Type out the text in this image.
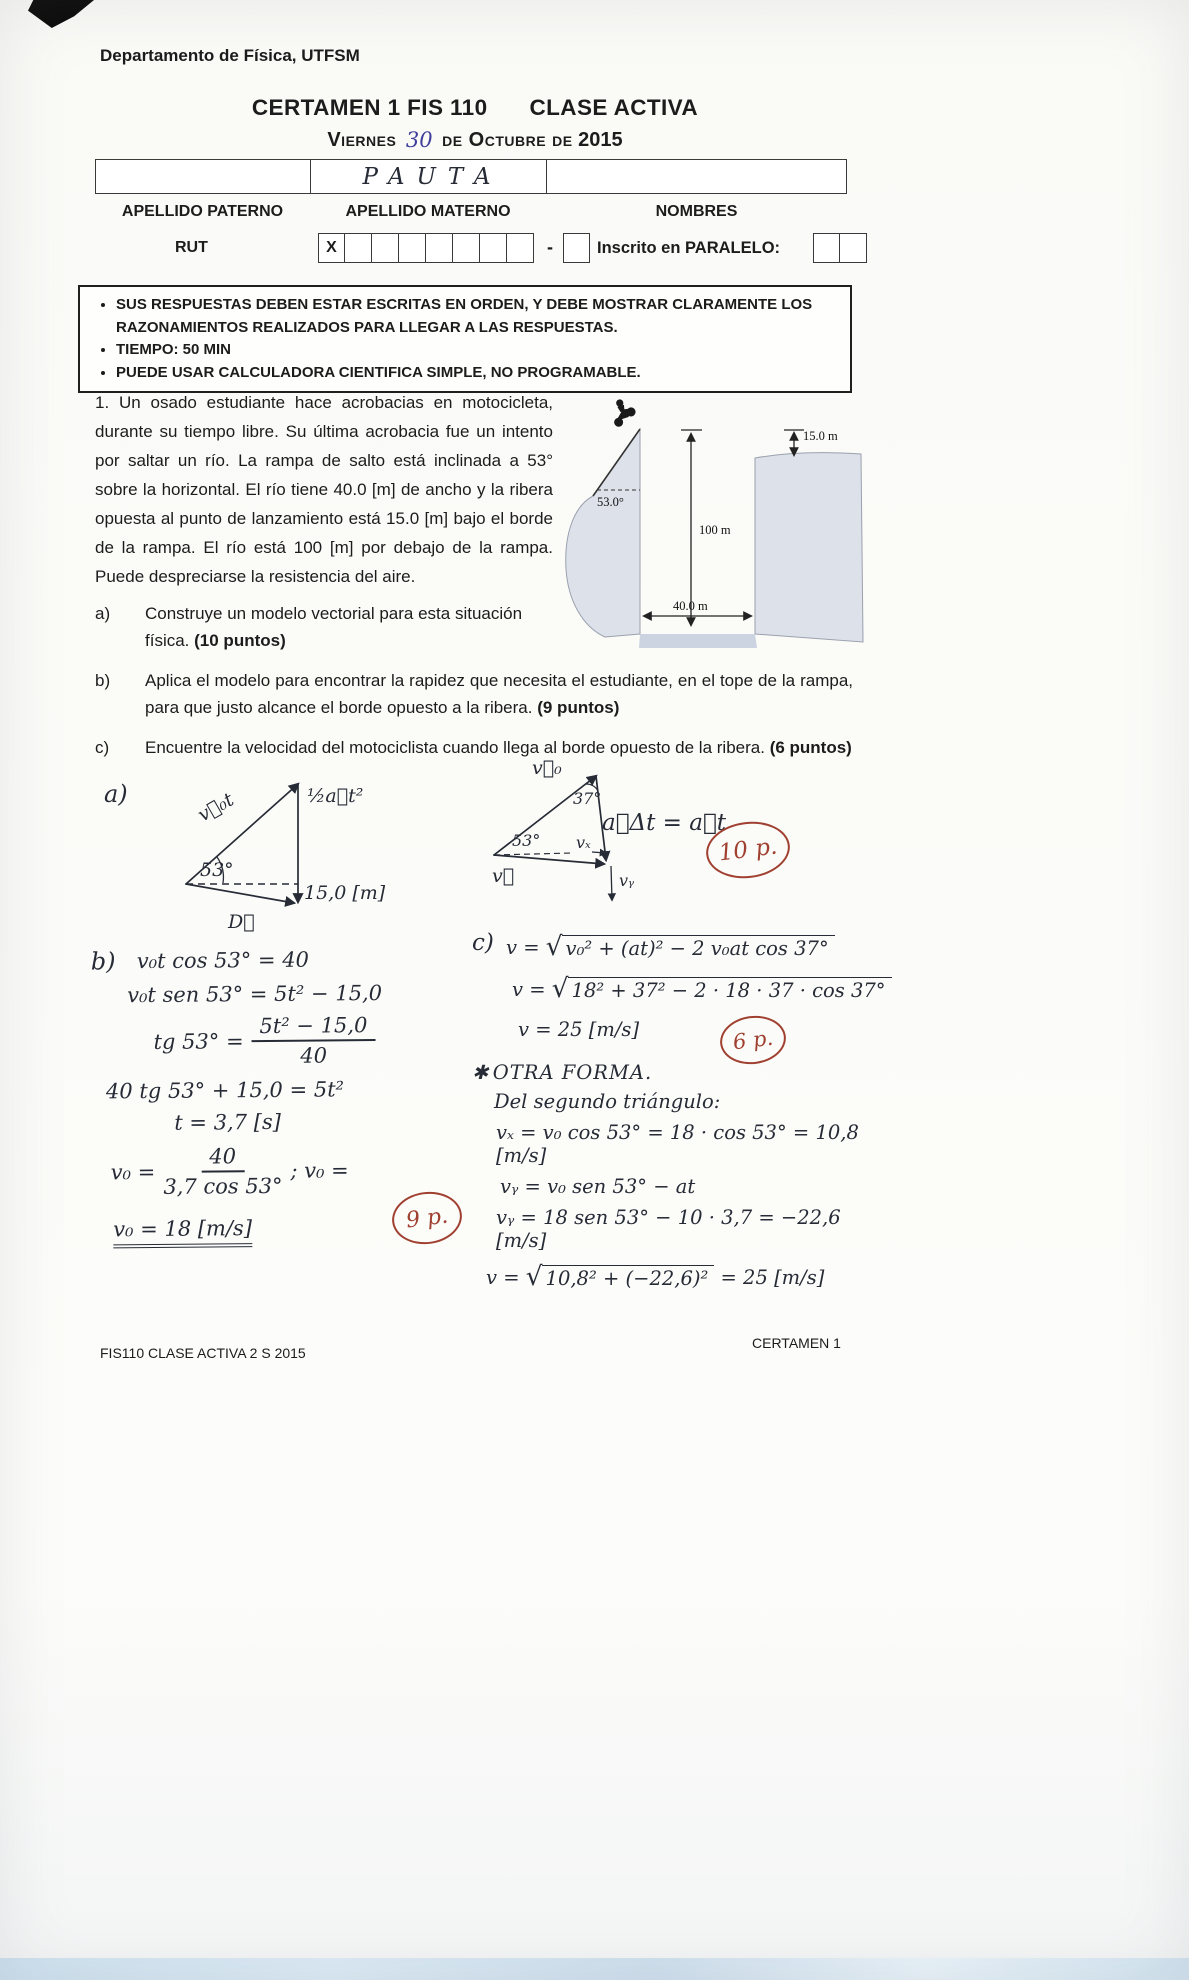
Departamento de Física, UTFSM
CERTAMEN 1 FIS 110 CLASE ACTIVA
Viernes 30 de Octubre de 2015
PAUTA
APELLIDO PATERNO	APELLIDO MATERNO	NOMBRES
RUT	X	-	Inscrito en PARALELO:
• SUS RESPUESTAS DEBEN ESTAR ESCRITAS EN ORDEN, Y DEBE MOSTRAR CLARAMENTE LOS RAZONAMIENTOS REALIZADOS PARA LLEGAR A LAS RESPUESTAS.
• TIEMPO: 50 MIN
• PUEDE USAR CALCULADORA CIENTIFICA SIMPLE, NO PROGRAMABLE.
1. Un osado estudiante hace acrobacias en motocicleta, durante su tiempo libre. Su última acrobacia fue un intento por saltar un río. La rampa de salto está inclinada a 53° sobre la horizontal. El río tiene 40.0 [m] de ancho y la ribera opuesta al punto de lanzamiento está 15.0 [m] bajo el borde de la rampa. El río está 100 [m] por debajo de la rampa. Puede despreciarse la resistencia del aire.
53.0°
100 m
40.0 m
15.0 m
a)	Construye un modelo vectorial para esta situación física. (10 puntos)
b)	Aplica el modelo para encontrar la rapidez que necesita el estudiante, en el tope de la rampa, para que justo alcance el borde opuesto a la ribera. (9 puntos)
c)	Encuentre la velocidad del motociclista cuando llega al borde opuesto de la ribera. (6 puntos)
a)
53°
v⃗₀t	½a⃗t²
15,0 [m]
D⃗
v⃗₀
37°
53° vₓ
vᵧ
v⃗
a⃗Δt = a⃗t
10 p.
b) v₀t cos 53° = 40
v₀t sen 53° = 5t² − 15,0
tg $53^\circ = \frac{\text{5t² − 15,0}}{40}$
40 tg 53° + 15,0 = 5t²
t = 3,7 [s]
$v_0 = \frac{40}{3,7 \cos 53^\circ}$ ; v₀ =
v₀ = 18 [m/s]	9 p.
c) v =
√ v₀² + (at)² − 2 v₀at cos 37°
v =
√ 18² + 37² − 2 · 18 · 37 · cos 37°
v = 25 [m/s]
✱ OTRA FORMA.
Del segundo triángulo:
vₓ = v₀ cos 53° = 18 · cos 53° = 10,8 [m/s]
vᵧ = v₀ sen 53° − at
vᵧ = 18 sen 53° − 10 · 3,7 = −22,6 [m/s]
v =
√ 10,8² + (−22,6)²
= 25 [m/s]
6 p.
FIS110 CLASE ACTIVA 2 S 2015
CERTAMEN 1
